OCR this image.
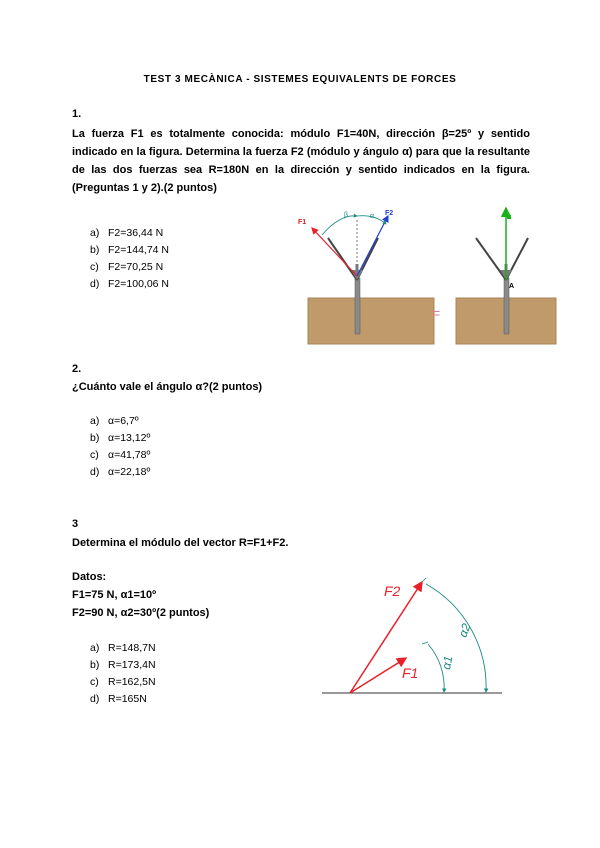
TEST 3 MECÀNICA - SISTEMES EQUIVALENTS DE FORCES
1.
La fuerza F1 es totalmente conocida: módulo F1=40N, dirección β=25º y sentido indicado en la figura. Determina la fuerza F2 (módulo y ángulo α) para que la resultante de las dos fuerzas sea R=180N en la dirección y sentido indicados en la figura. (Preguntas 1 y 2).(2 puntos)
a) F2=36,44 N
b) F2=144,74 N
c) F2=70,25 N
d) F2=100,06 N
F1
F2
β	α
=
A
2.
¿Cuánto vale el ángulo α?(2 puntos)
a) α=6,7º
b) α=13,12º
c) α=41,78º
d) α=22,18º
3
Determina el módulo del vector R=F1+F2.
Datos:
F1=75 N, α1=10º
F2=90 N, α2=30º(2 puntos)
a) R=148,7N
b) R=173,4N
c) R=162,5N
d) R=165N
F2
F1
α2
α1
